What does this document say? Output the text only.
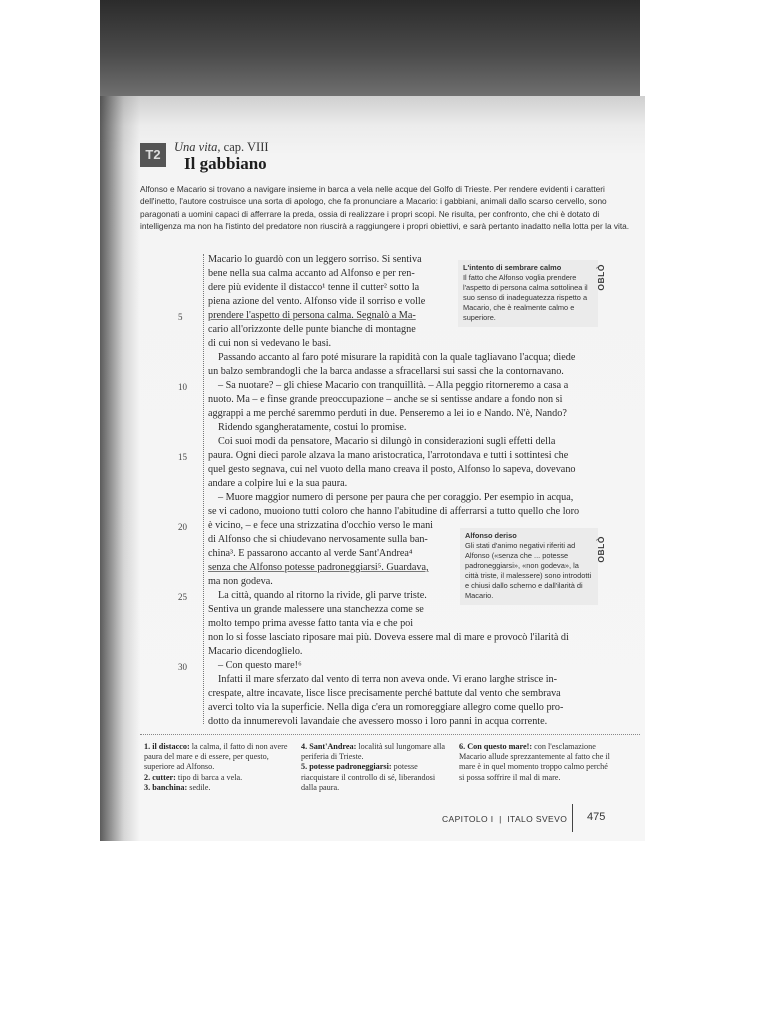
T2	Una vita, cap. VIII
Il gabbiano
Alfonso e Macario si trovano a navigare insieme in barca a vela nelle acque del Golfo di Trieste. Per rendere evidenti i caratteri dell'inetto, l'autore costruisce una sorta di apologo, che fa pronunciare a Macario: i gabbiani, animali dallo scarso cervello, sono paragonati a uomini capaci di afferrare la preda, ossia di realizzare i propri scopi. Ne risulta, per confronto, che chi è dotato di intelligenza ma non ha l'istinto del predatore non riuscirà a raggiungere i propri obiettivi, e sarà pertanto inadatto nella lotta per la vita.
Macario lo guardò con un leggero sorriso. Si sentiva
bene nella sua calma accanto ad Alfonso e per ren-
dere più evidente il distacco¹ tenne il cutter² sotto la
piena azione del vento. Alfonso vide il sorriso e volle
prendere l'aspetto di persona calma. Segnalò a Ma-
cario all'orizzonte delle punte bianche di montagne
di cui non si vedevano le basi.
Passando accanto al faro poté misurare la rapidità con la quale tagliavano l'acqua; diede
un balzo sembrandogli che la barca andasse a sfracellarsi sui sassi che la contornavano.
– Sa nuotare? – gli chiese Macario con tranquillità. – Alla peggio ritorneremo a casa a
nuoto. Ma – e finse grande preoccupazione – anche se si sentisse andare a fondo non si
aggrappi a me perché saremmo perduti in due. Penseremo a lei io e Nando. N'è, Nando?
Ridendo sgangheratamente, costui lo promise.
Coi suoi modi da pensatore, Macario si dilungò in considerazioni sugli effetti della
paura. Ogni dieci parole alzava la mano aristocratica, l'arrotondava e tutti i sottintesi che
quel gesto segnava, cui nel vuoto della mano creava il posto, Alfonso lo sapeva, dovevano
andare a colpire lui e la sua paura.
– Muore maggior numero di persone per paura che per coraggio. Per esempio in acqua,
se vi cadono, muoiono tutti coloro che hanno l'abitudine di afferrarsi a tutto quello che loro
è vicino, – e fece una strizzatina d'occhio verso le mani
di Alfonso che si chiudevano nervosamente sulla ban-
china³. E passarono accanto al verde Sant'Andrea⁴
senza che Alfonso potesse padroneggiarsi⁵. Guardava,
ma non godeva.
La città, quando al ritorno la rivide, gli parve triste.
Sentiva un grande malessere una stanchezza come se
molto tempo prima avesse fatto tanta via e che poi
non lo si fosse lasciato riposare mai più. Doveva essere mal di mare e provocò l'ilarità di
Macario dicendoglielo.
– Con questo mare!⁶
Infatti il mare sferzato dal vento di terra non aveva onde. Vi erano larghe strisce in-
crespate, altre incavate, lisce lisce precisamente perché battute dal vento che sembrava
averci tolto via la superficie. Nella diga c'era un romoreggiare allegro come quello pro-
dotto da innumerevoli lavandaie che avessero mosso i loro panni in acqua corrente.
5
10
15
20
25
30
L'intento di sembrare calmo
Il fatto che Alfonso voglia prendere l'aspetto di persona calma sottolinea il suo senso di inadeguatezza rispetto a Macario, che è realmente calmo e superiore.
OBLÒ
Alfonso deriso
Gli stati d'animo negativi riferiti ad Alfonso («senza che ... potesse padroneggiarsi», «non godeva», la città triste, il malessere) sono introdotti e chiusi dallo scherno e dall'ilarità di Macario.
OBLÒ
1. il distacco: la calma, il fatto di non avere paura del mare e di essere, per questo, superiore ad Alfonso.
2. cutter: tipo di barca a vela.
3. banchina: sedile.
4. Sant'Andrea: località sul lungomare alla periferia di Trieste.
5. potesse padroneggiarsi: potesse riacquistare il controllo di sé, liberandosi dalla paura.
6. Con questo mare!: con l'esclamazione Macario allude sprezzantemente al fatto che il mare è in quel momento troppo calmo perché si possa soffrire il mal di mare.
CAPITOLO I  |  ITALO SVEVO 475
